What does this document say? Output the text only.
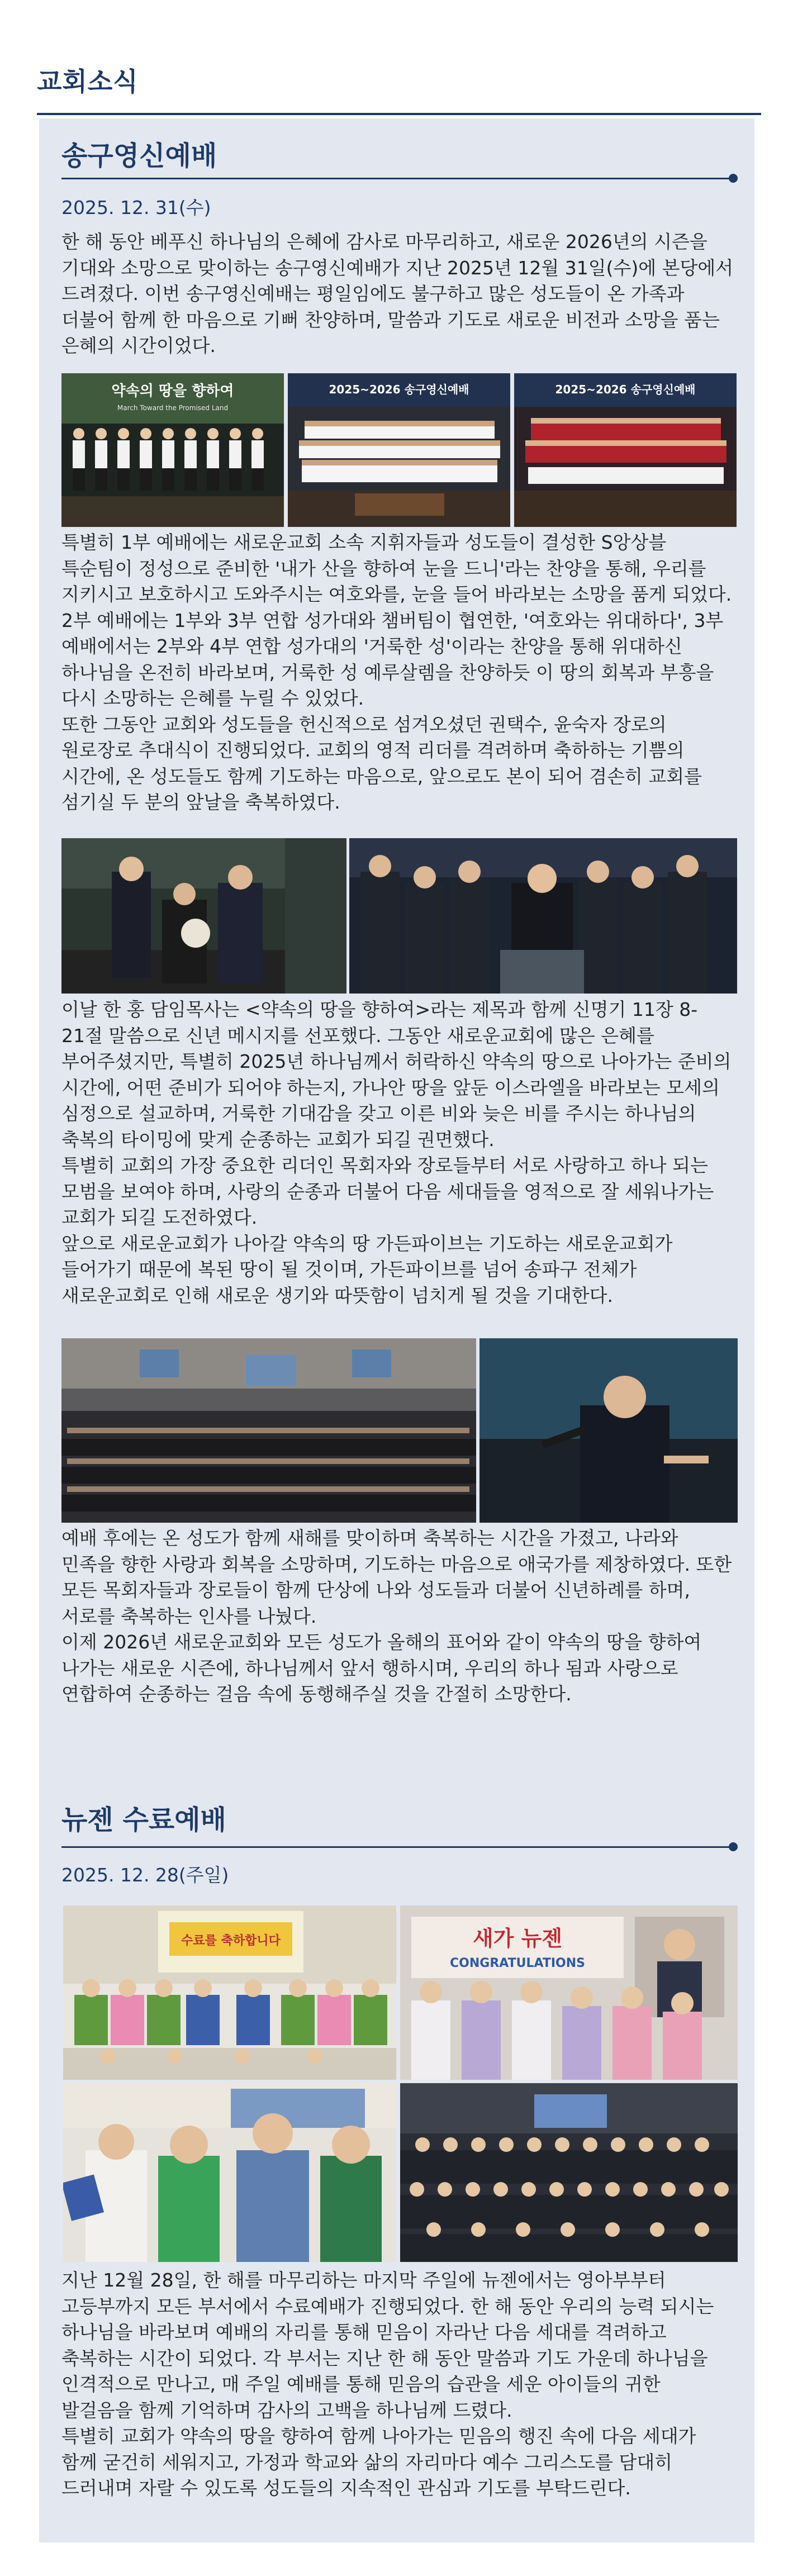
교회소식
송구영신예배
2025. 12. 31(수)

한 해 동안 베푸신 하나님의 은혜에 감사로 마무리하고, 새로운 2026년의 시즌을 기대와 소망으로 맞이하는 송구영신예배가 지난 2025년 12월 31일(수)에 본당에서 드려졌다. 이번 송구영신예배는 평일임에도 불구하고 많은 성도들이 온 가족과 더불어 함께 한 마음으로 기뻐 찬양하며, 말씀과 기도로 새로운 비전과 소망을 품는 은혜의 시간이었다.

약속의 땅을 향하여
March Toward the Promised Land
2025~2026 송구영신예배	2025~2026 송구영신예배

특별히 1부 예배에는 새로운교회 소속 지휘자들과 성도들이 결성한 S앙상블 특순팀이 정성으로 준비한 '내가 산을 향하여 눈을 드니'라는 찬양을 통해, 우리를 지키시고 보호하시고 도와주시는 여호와를, 눈을 들어 바라보는 소망을 품게 되었다.

2부 예배에는 1부와 3부 연합 성가대와 챔버팀이 협연한, '여호와는 위대하다', 3부 예배에서는 2부와 4부 연합 성가대의 '거룩한 성'이라는 찬양을 통해 위대하신 하나님을 온전히 바라보며, 거룩한 성 예루살렘을 찬양하듯 이 땅의 회복과 부흥을 다시 소망하는 은혜를 누릴 수 있었다.

또한 그동안 교회와 성도들을 헌신적으로 섬겨오셨던 권택수, 윤숙자 장로의 원로장로 추대식이 진행되었다. 교회의 영적 리더를 격려하며 축하하는 기쁨의 시간에, 온 성도들도 함께 기도하는 마음으로, 앞으로도 본이 되어 겸손히 교회를 섬기실 두 분의 앞날을 축복하였다.

이날 한 홍 담임목사는 <약속의 땅을 향하여>라는 제목과 함께 신명기 11장 8-21절 말씀으로 신년 메시지를 선포했다. 그동안 새로운교회에 많은 은혜를 부어주셨지만, 특별히 2025년 하나님께서 허락하신 약속의 땅으로 나아가는 준비의 시간에, 어떤 준비가 되어야 하는지, 가나안 땅을 앞둔 이스라엘을 바라보는 모세의 심정으로 설교하며, 거룩한 기대감을 갖고 이른 비와 늦은 비를 주시는 하나님의 축복의 타이밍에 맞게 순종하는 교회가 되길 권면했다.

특별히 교회의 가장 중요한 리더인 목회자와 장로들부터 서로 사랑하고 하나 되는 모범을 보여야 하며, 사랑의 순종과 더불어 다음 세대들을 영적으로 잘 세워나가는 교회가 되길 도전하였다.

앞으로 새로운교회가 나아갈 약속의 땅 가든파이브는 기도하는 새로운교회가 들어가기 때문에 복된 땅이 될 것이며, 가든파이브를 넘어 송파구 전체가 새로운교회로 인해 새로운 생기와 따뜻함이 넘치게 될 것을 기대한다.

예배 후에는 온 성도가 함께 새해를 맞이하며 축복하는 시간을 가졌고, 나라와 민족을 향한 사랑과 회복을 소망하며, 기도하는 마음으로 애국가를 제창하였다. 또한 모든 목회자들과 장로들이 함께 단상에 나와 성도들과 더불어 신년하례를 하며, 서로를 축복하는 인사를 나눴다.

이제 2026년 새로운교회와 모든 성도가 올해의 표어와 같이 약속의 땅을 향하여 나가는 새로운 시즌에, 하나님께서 앞서 행하시며, 우리의 하나 됨과 사랑으로 연합하여 순종하는 걸음 속에 동행해주실 것을 간절히 소망한다.

뉴젠 수료예배
2025. 12. 28(주일)
수료를 축하합니다	새가 뉴젠
CONGRATULATIONS

지난 12월 28일, 한 해를 마무리하는 마지막 주일에 뉴젠에서는 영아부부터 고등부까지 모든 부서에서 수료예배가 진행되었다. 한 해 동안 우리의 능력 되시는 하나님을 바라보며 예배의 자리를 통해 믿음이 자라난 다음 세대를 격려하고 축복하는 시간이 되었다. 각 부서는 지난 한 해 동안 말씀과 기도 가운데 하나님을 인격적으로 만나고, 매 주일 예배를 통해 믿음의 습관을 세운 아이들의 귀한 발걸음을 함께 기억하며 감사의 고백을 하나님께 드렸다.

특별히 교회가 약속의 땅을 향하여 함께 나아가는 믿음의 행진 속에 다음 세대가 함께 굳건히 세워지고, 가정과 학교와 삶의 자리마다 예수 그리스도를 담대히 드러내며 자랄 수 있도록 성도들의 지속적인 관심과 기도를 부탁드린다.
